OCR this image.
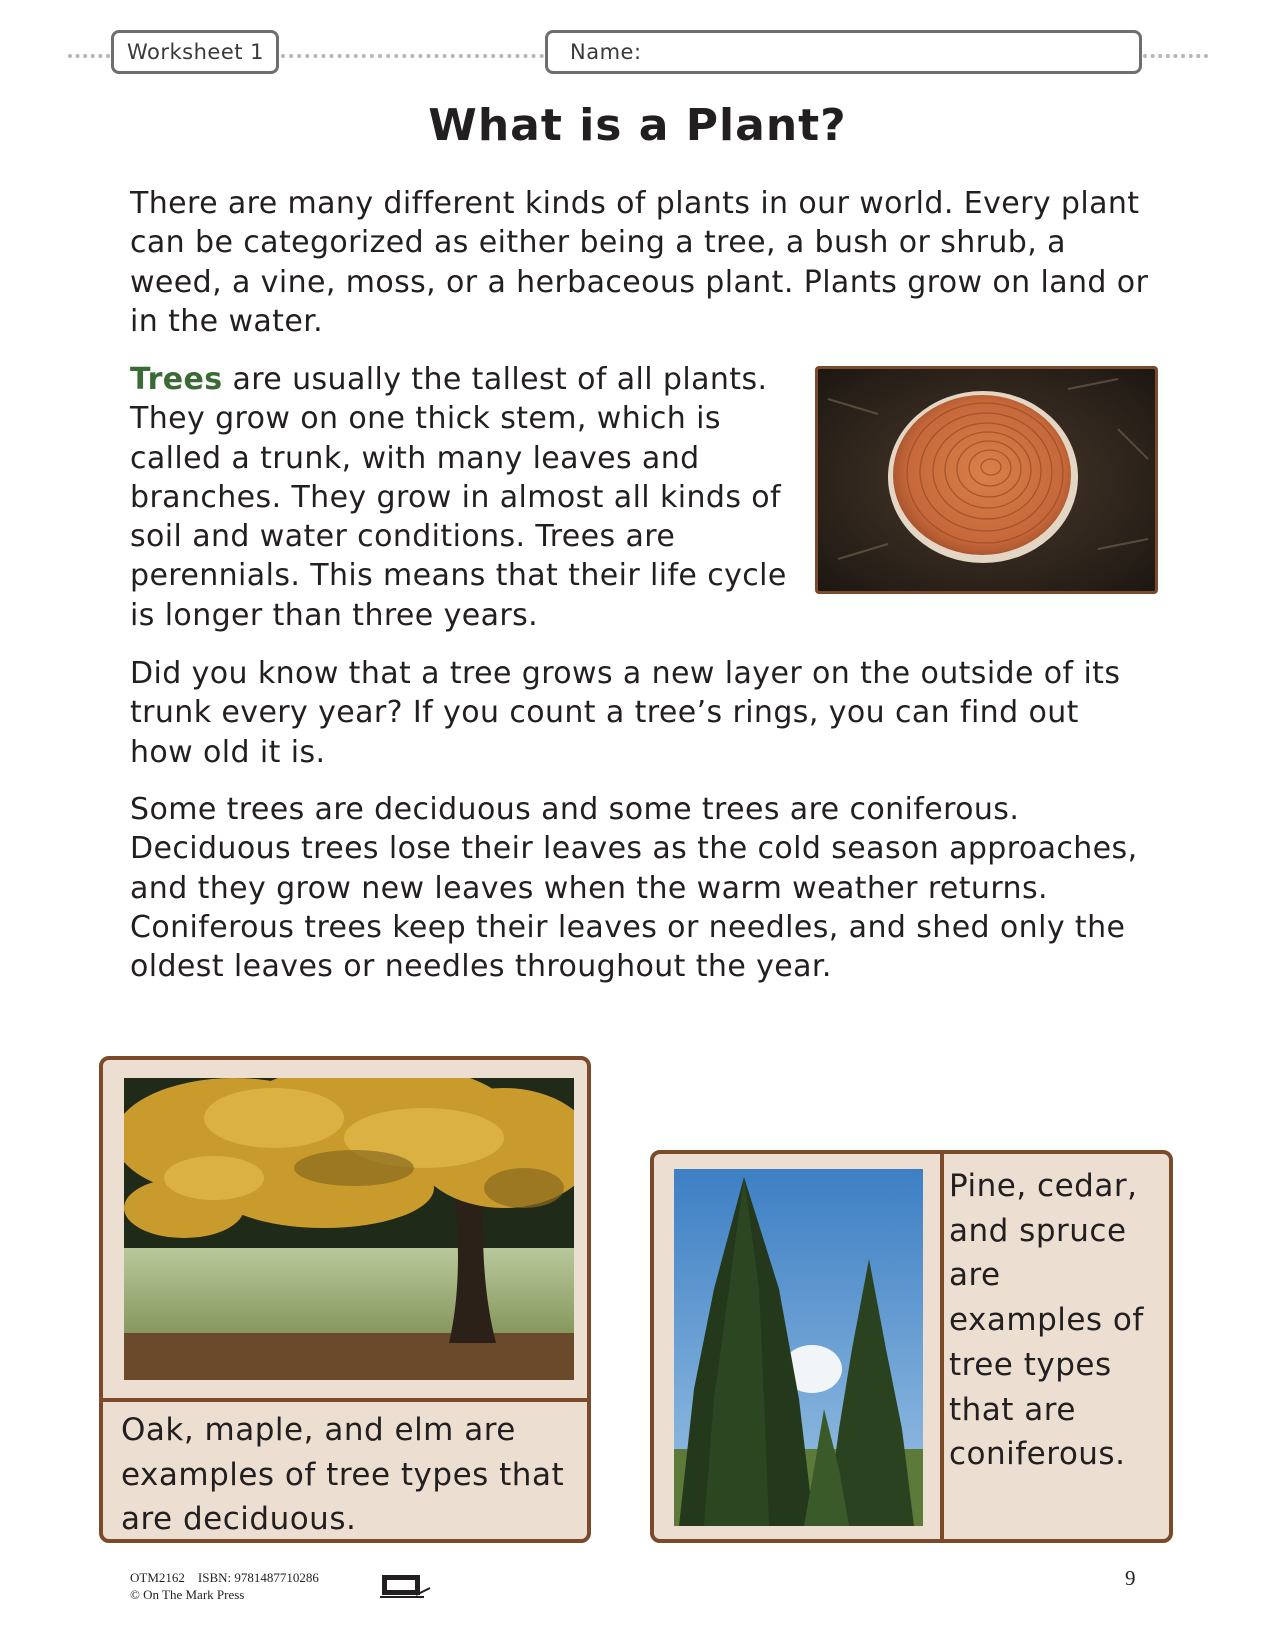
Worksheet 1	Name:
What is a Plant?

There are many different kinds of plants in our world. Every plant can be categorized as either being a tree, a bush or shrub, a weed, a vine, moss, or a herbaceous plant. Plants grow on land or in the water.

Trees are usually the tallest of all plants. They grow on one thick stem, which is called a trunk, with many leaves and branches. They grow in almost all kinds of soil and water conditions. Trees are perennials. This means that their life cycle is longer than three years.

Did you know that a tree grows a new layer on the outside of its trunk every year? If you count a tree’s rings, you can find out how old it is.

Some trees are deciduous and some trees are coniferous. Deciduous trees lose their leaves as the cold season approaches, and they grow new leaves when the warm weather returns. Coniferous trees keep their leaves or needles, and shed only the oldest leaves or needles throughout the year.

Oak, maple, and elm are examples of tree types that are deciduous.

Pine, cedar, and spruce are examples of tree types that are coniferous.

OTM2162    ISBN: 9781487710286
© On The Mark Press
9
